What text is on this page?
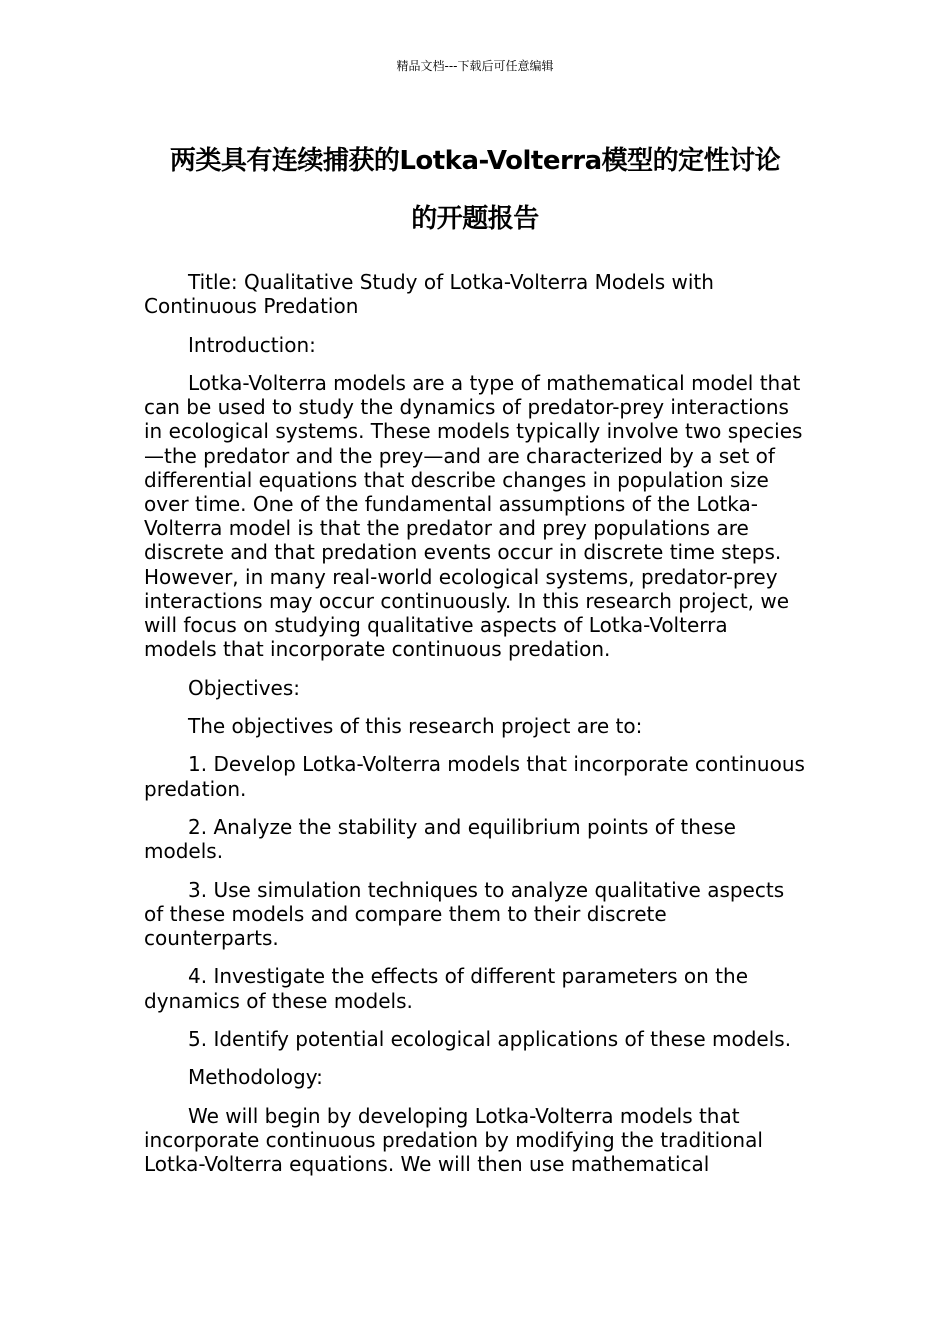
精品文档---下载后可任意编辑
两类具有连续捕获的Lotka-Volterra模型的定性讨论
的开题报告

Title: Qualitative Study of Lotka-Volterra Models with Continuous Predation

Introduction:

Lotka-Volterra models are a type of mathematical model that can be used to study the dynamics of predator-prey interactions in ecological systems. These models typically involve two species—the predator and the prey—and are characterized by a set of differential equations that describe changes in population size over time. One of the fundamental assumptions of the Lotka-Volterra model is that the predator and prey populations are discrete and that predation events occur in discrete time steps. However, in many real-world ecological systems, predator-prey interactions may occur continuously. In this research project, we will focus on studying qualitative aspects of Lotka-Volterra models that incorporate continuous predation.

Objectives:

The objectives of this research project are to:

1. Develop Lotka-Volterra models that incorporate continuous predation.

2. Analyze the stability and equilibrium points of these models.

3. Use simulation techniques to analyze qualitative aspects of these models and compare them to their discrete counterparts.

4. Investigate the effects of different parameters on the dynamics of these models.

5. Identify potential ecological applications of these models.

Methodology:

We will begin by developing Lotka-Volterra models that incorporate continuous predation by modifying the traditional Lotka-Volterra equations. We will then use mathematical
